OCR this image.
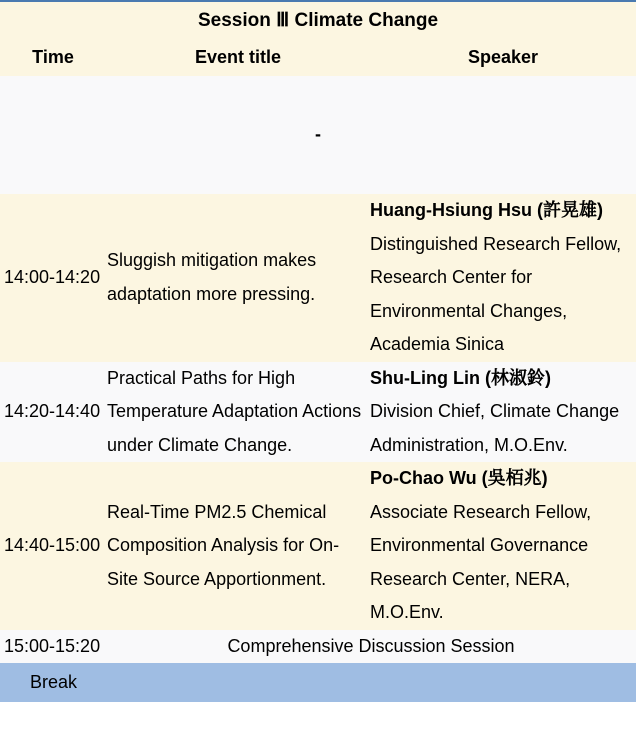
Session Ⅲ Climate Change		
Time	Event title	Speaker
-		
14:00-14:20	Sluggish mitigation makes
adaptation more pressing.	Huang-Hsiung Hsu (許晃雄)
Distinguished Research Fellow,
Research Center for
Environmental Changes,
Academia Sinica

14:20-14:40	Practical Paths for High
Temperature Adaptation Actions
under Climate Change.	Shu-Ling Lin (林淑鈴)
Division Chief, Climate Change
Administration, M.O.Env.

14:40-15:00	Real-Time PM2.5 Chemical
Composition Analysis for On-
Site Source Apportionment.	Po-Chao Wu (吳栢兆)
Associate Research Fellow,
Environmental Governance
Research Center, NERA,
M.O.Env.

15:00-15:20	Comprehensive Discussion Session	
Break		
